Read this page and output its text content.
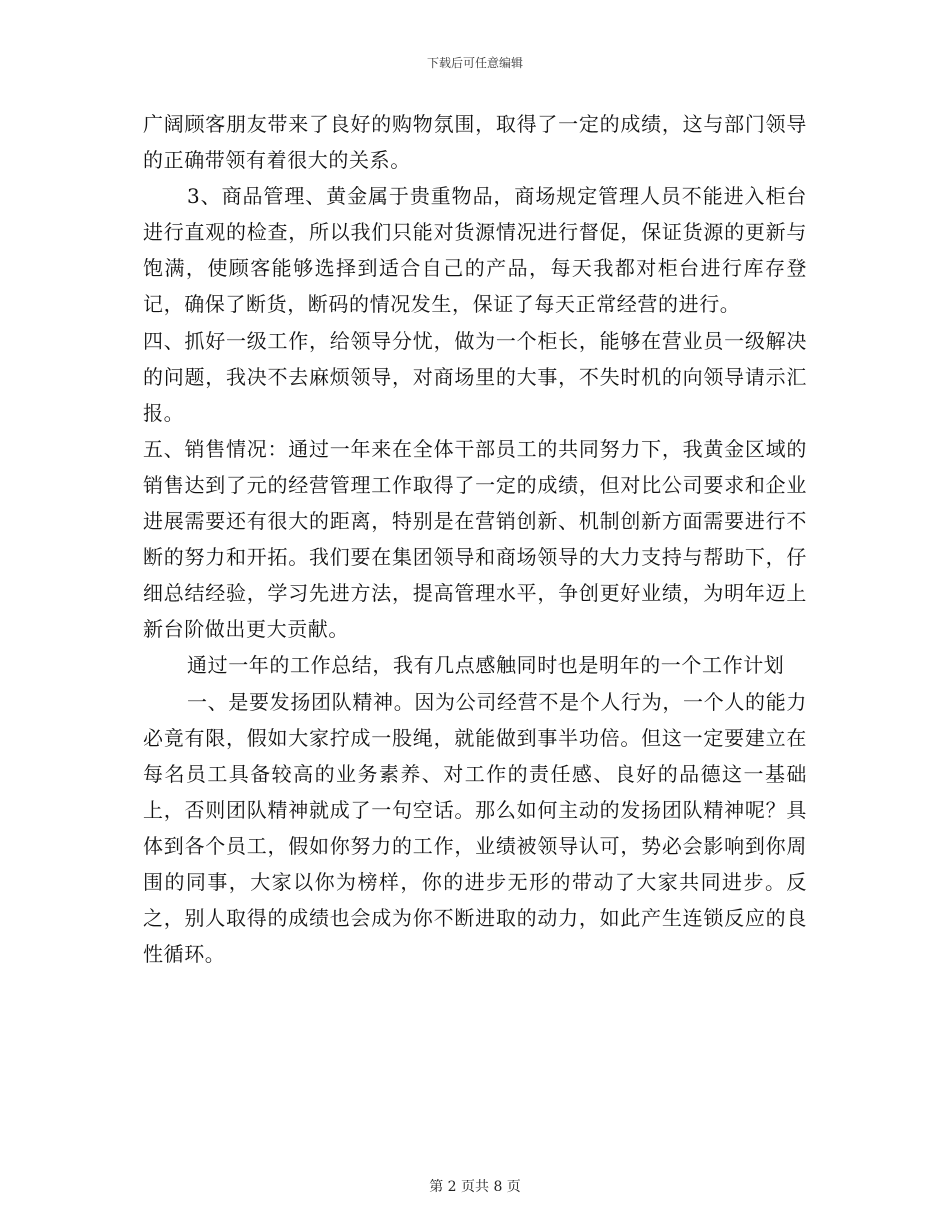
下载后可任意编辑

广阔顾客朋友带来了良好的购物氛围，取得了一定的成绩，这与部门领导的正确带领有着很大的关系。

3、商品管理、黄金属于贵重物品，商场规定管理人员不能进入柜台进行直观的检查，所以我们只能对货源情况进行督促，保证货源的更新与饱满，使顾客能够选择到适合自己的产品，每天我都对柜台进行库存登记，确保了断货，断码的情况发生，保证了每天正常经营的进行。

四、抓好一级工作，给领导分忧，做为一个柜长，能够在营业员一级解决的问题，我决不去麻烦领导，对商场里的大事，不失时机的向领导请示汇报。

五、销售情况：通过一年来在全体干部员工的共同努力下，我黄金区域的销售达到了元的经营管理工作取得了一定的成绩，但对比公司要求和企业进展需要还有很大的距离，特别是在营销创新、机制创新方面需要进行不断的努力和开拓。我们要在集团领导和商场领导的大力支持与帮助下，仔细总结经验，学习先进方法，提高管理水平，争创更好业绩，为明年迈上新台阶做出更大贡献。

通过一年的工作总结，我有几点感触同时也是明年的一个工作计划

一、是要发扬团队精神。因为公司经营不是个人行为，一个人的能力必竟有限，假如大家拧成一股绳，就能做到事半功倍。但这一定要建立在每名员工具备较高的业务素养、对工作的责任感、良好的品德这一基础上，否则团队精神就成了一句空话。那么如何主动的发扬团队精神呢？具体到各个员工，假如你努力的工作，业绩被领导认可，势必会影响到你周围的同事，大家以你为榜样，你的进步无形的带动了大家共同进步。反之，别人取得的成绩也会成为你不断进取的动力，如此产生连锁反应的良性循环。

第 2 页共 8 页
